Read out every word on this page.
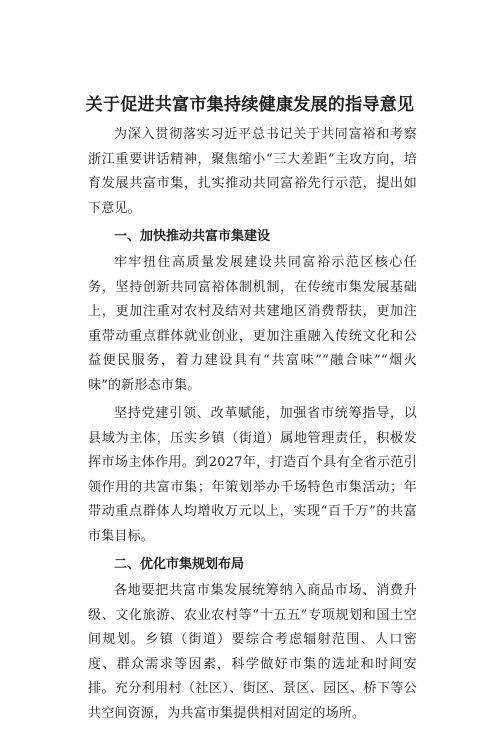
关于促进共富市集持续健康发展的指导意见

为深入贯彻落实习近平总书记关于共同富裕和考察浙江重要讲话精神，聚焦缩小“三大差距”主攻方向，培育发展共富市集，扎实推动共同富裕先行示范，提出如下意见。

一、加快推动共富市集建设

牢牢扭住高质量发展建设共同富裕示范区核心任务，坚持创新共同富裕体制机制，在传统市集发展基础上，更加注重对农村及结对共建地区消费帮扶，更加注重带动重点群体就业创业，更加注重融入传统文化和公益便民服务，着力建设具有“共富味”“融合味”“烟火味”的新形态市集。

坚持党建引领、改革赋能，加强省市统筹指导，以县域为主体，压实乡镇（街道）属地管理责任，积极发挥市场主体作用。到2027年，打造百个具有全省示范引领作用的共富市集；年策划举办千场特色市集活动；年带动重点群体人均增收万元以上，实现“百千万”的共富市集目标。

二、优化市集规划布局

各地要把共富市集发展统筹纳入商品市场、消费升级、文化旅游、农业农村等“十五五”专项规划和国土空间规划。乡镇（街道）要综合考虑辐射范围、人口密度、群众需求等因素，科学做好市集的选址和时间安排。充分利用村（社区）、街区、景区、园区、桥下等公共空间资源，为共富市集提供相对固定的场所。
